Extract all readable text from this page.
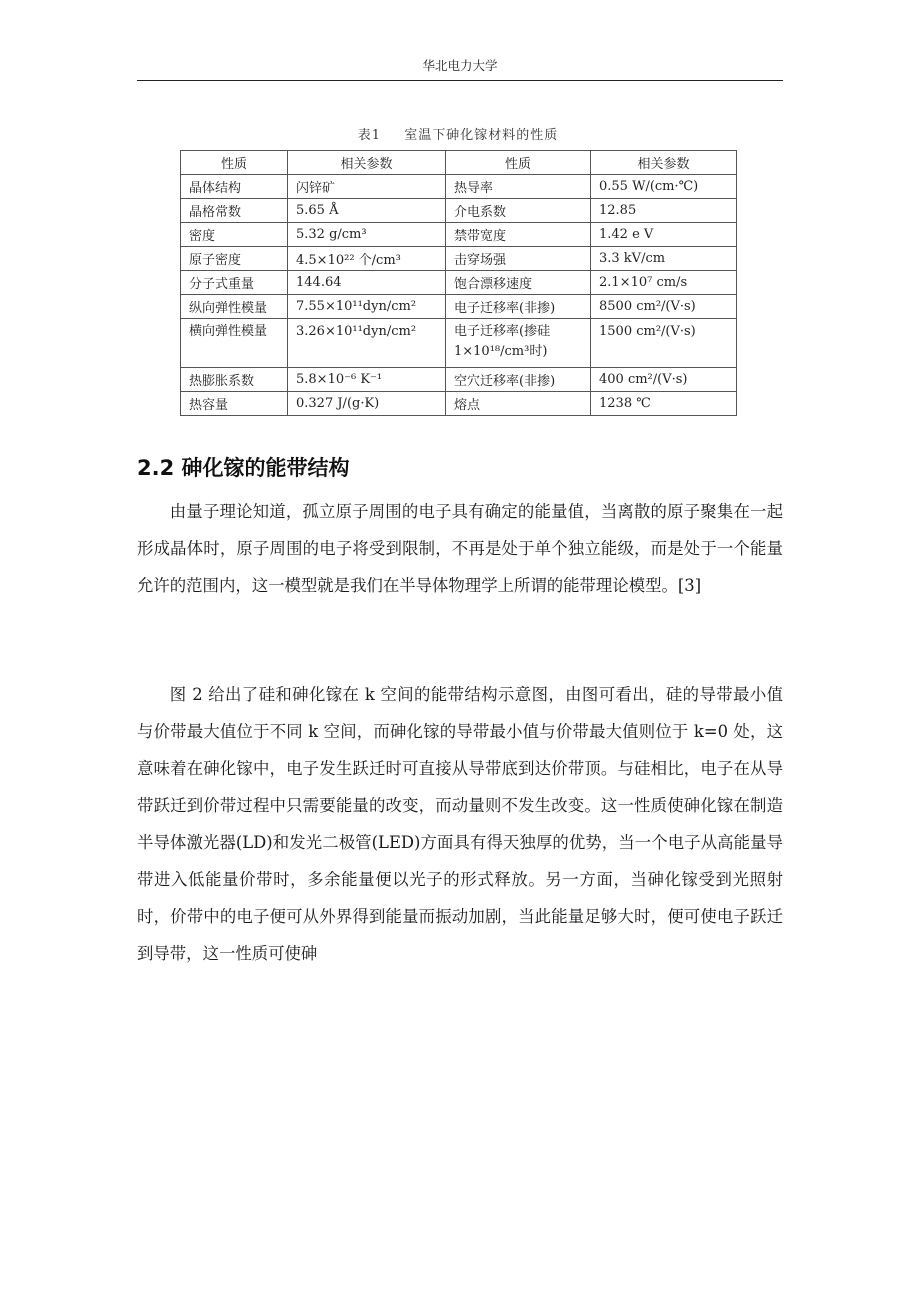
华北电力大学
表1 室温下砷化镓材料的性质
性质	相关参数	性质	相关参数
晶体结构	闪锌矿	热导率	0.55 W/(cm·℃)
晶格常数	5.65 Å	介电系数	12.85
密度	5.32 g/cm³	禁带宽度	1.42 e V
原子密度	4.5×10²² 个/cm³	击穿场强	3.3 kV/cm
分子式重量	144.64	饱合漂移速度	2.1×10⁷ cm/s
纵向弹性模量	7.55×10¹¹dyn/cm²	电子迁移率(非掺)	8500 cm²/(V·s)
横向弹性模量	3.26×10¹¹dyn/cm²	电子迁移率(掺硅 1×10¹⁸/cm³时)	1500 cm²/(V·s)
热膨胀系数	5.8×10⁻⁶ K⁻¹	空穴迁移率(非掺)	400 cm²/(V·s)
热容量	0.327 J/(g·K)	熔点	1238 ℃
2.2 砷化镓的能带结构

由量子理论知道，孤立原子周围的电子具有确定的能量值，当离散的原子聚集在一起形成晶体时，原子周围的电子将受到限制，不再是处于单个独立能级，而是处于一个能量允许的范围内，这一模型就是我们在半导体物理学上所谓的能带理论模型。[3]

图 2 给出了硅和砷化镓在 k 空间的能带结构示意图，由图可看出，硅的导带最小值与价带最大值位于不同 k 空间，而砷化镓的导带最小值与价带最大值则位于 k=0 处，这意味着在砷化镓中，电子发生跃迁时可直接从导带底到达价带顶。与硅相比，电子在从导带跃迁到价带过程中只需要能量的改变，而动量则不发生改变。这一性质使砷化镓在制造半导体激光器(LD)和发光二极管(LED)方面具有得天独厚的优势，当一个电子从高能量导带进入低能量价带时，多余能量便以光子的形式释放。另一方面，当砷化镓受到光照射时，价带中的电子便可从外界得到能量而振动加剧，当此能量足够大时，便可使电子跃迁到导带，这一性质可使砷
